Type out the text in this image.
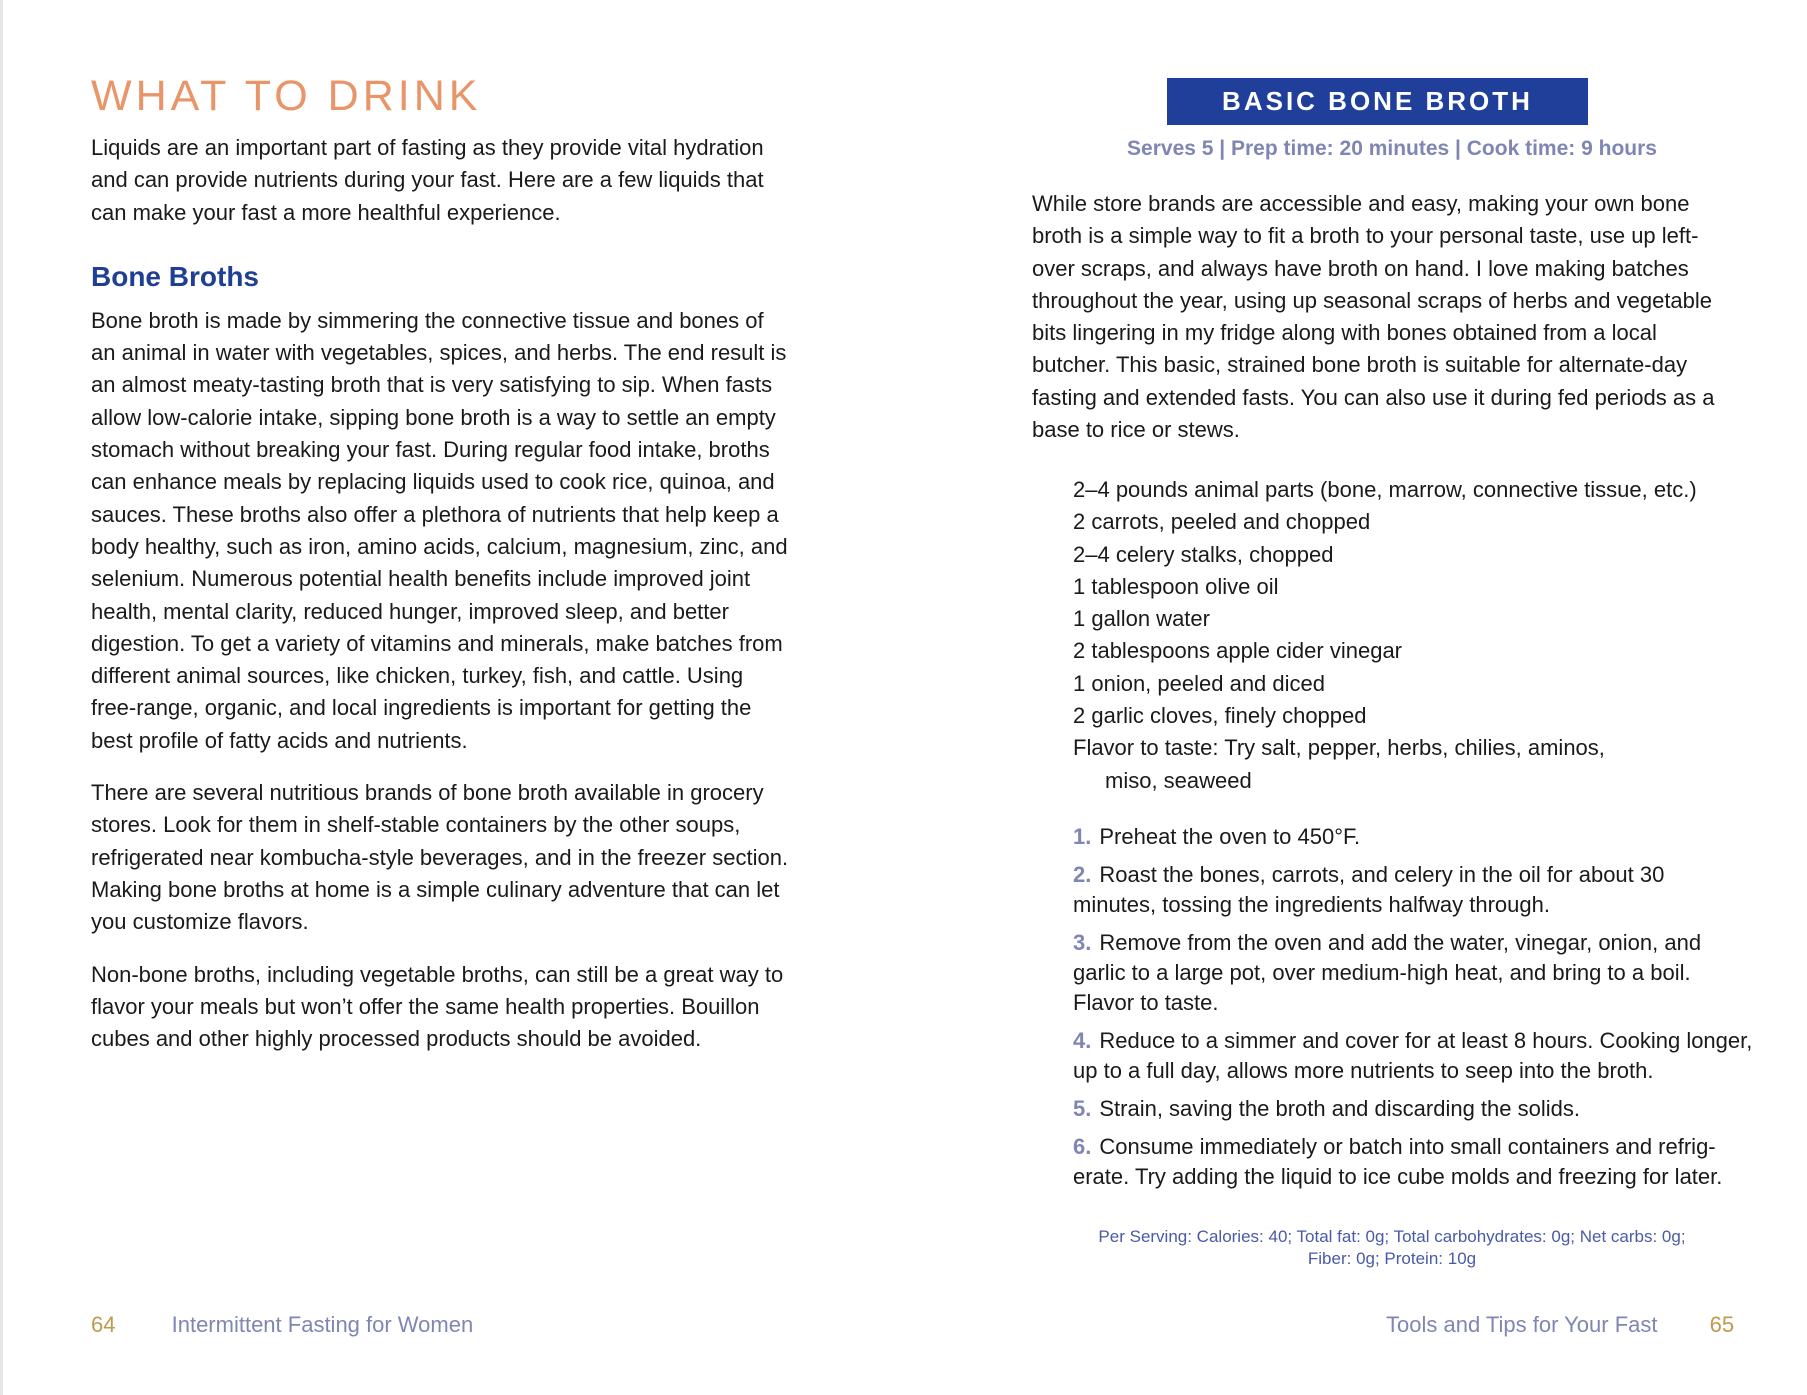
WHAT TO DRINK

Liquids are an important part of fasting as they provide vital hydration and can provide nutrients during your fast. Here are a few liquids that can make your fast a more healthful experience.

Bone Broths

Bone broth is made by simmering the connective tissue and bones of an animal in water with vegetables, spices, and herbs. The end result is an almost meaty-tasting broth that is very satisfying to sip. When fasts allow low-calorie intake, sipping bone broth is a way to settle an empty stomach without breaking your fast. During regular food intake, broths can enhance meals by replacing liquids used to cook rice, quinoa, and sauces. These broths also offer a plethora of nutrients that help keep a body healthy, such as iron, amino acids, calcium, magnesium, zinc, and selenium. Numerous potential health benefits include improved joint health, mental clarity, reduced hunger, improved sleep, and better digestion. To get a variety of vitamins and minerals, make batches from different animal sources, like chicken, turkey, fish, and cattle. Using free-range, organic, and local ingredients is important for getting the best profile of fatty acids and nutrients.

There are several nutritious brands of bone broth available in grocery stores. Look for them in shelf-stable containers by the other soups, refrigerated near kombucha-style beverages, and in the freezer section. Making bone broths at home is a simple culinary adventure that can let you customize flavors.

Non-bone broths, including vegetable broths, can still be a great way to flavor your meals but won’t offer the same health properties. Bouillon cubes and other highly processed products should be avoided.

64	Intermittent Fasting for Women
BASIC BONE BROTH
Serves 5 | Prep time: 20 minutes | Cook time: 9 hours

While store brands are accessible and easy, making your own bone broth is a simple way to fit a broth to your personal taste, use up left-over scraps, and always have broth on hand. I love making batches throughout the year, using up seasonal scraps of herbs and vegetable bits lingering in my fridge along with bones obtained from a local butcher. This basic, strained bone broth is suitable for alternate-day fasting and extended fasts. You can also use it during fed periods as a base to rice or stews.

2–4 pounds animal parts (bone, marrow, connective tissue, etc.)
2 carrots, peeled and chopped
2–4 celery stalks, chopped
1 tablespoon olive oil
1 gallon water
2 tablespoons apple cider vinegar
1 onion, peeled and diced
2 garlic cloves, finely chopped
Flavor to taste: Try salt, pepper, herbs, chilies, aminos,
miso, seaweed
1. Preheat the oven to 450°F.
2. Roast the bones, carrots, and celery in the oil for about 30 minutes, tossing the ingredients halfway through.
3. Remove from the oven and add the water, vinegar, onion, and garlic to a large pot, over medium-high heat, and bring to a boil. Flavor to taste.
4. Reduce to a simmer and cover for at least 8 hours. Cooking longer, up to a full day, allows more nutrients to seep into the broth.
5. Strain, saving the broth and discarding the solids.
6. Consume immediately or batch into small containers and refrig-erate. Try adding the liquid to ice cube molds and freezing for later.
Per Serving: Calories: 40; Total fat: 0g; Total carbohydrates: 0g; Net carbs: 0g;
Fiber: 0g; Protein: 10g
Tools and Tips for Your Fast 65
